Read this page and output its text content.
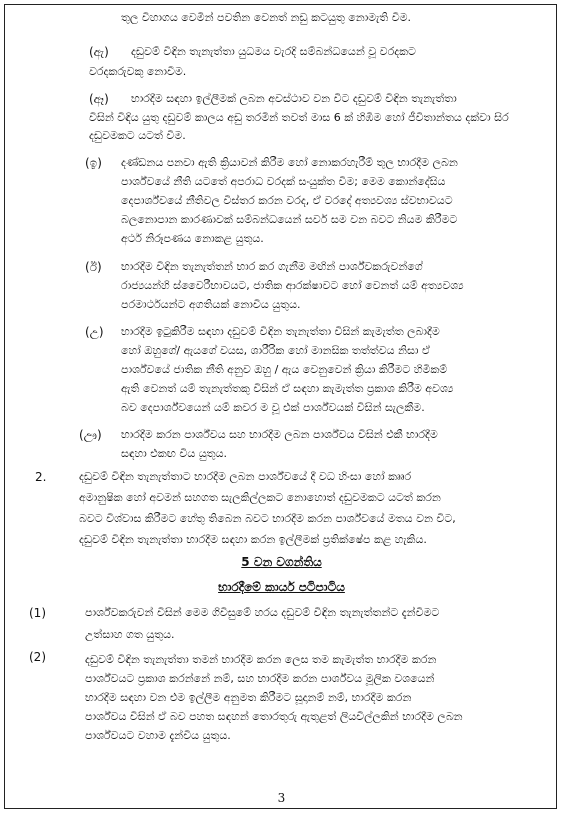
තුල විහාගය වෙමින් පවතින වෙනත් නඩු කටයුතු නොමැති වීම.
(ඇ) දඩුවම් විඳින තැනැත්තා යුධමය වැරදි සම්බන්ධයෙන් වූ වරදකට
වරදකරුවකු නොවීම.
(ඈ) භාරදීම සඳහා ඉල්ලීමක් ලබන අවස්ථාව වන විට දඩුවම් විඳින තැනැත්තා
විසින් විඳිය යුතු දඩුවම් කාලය අඩු තරමින් තවත් මාස 6 ක් හිඹීම හෝ ජීවිතාන්තය දක්වා සිර
දඩුවමකට යටත් වීම.
(ඉ) දණ්ඩනය පනවා ඇති ක්‍රියාවන් කිරීම හෝ නොකරහැරීම් තුල භාරදීම ලබන
පාර්ශ්වයේ නීති යටතේ අපරාධ වරදක් සංයුක්ත වීම; මෙම කොන්දේසිය
දෙපාර්ශ්වයේ නීතිවල විස්තර කරන වරද, ඒ වරදේ අත්‍යවශ්‍ය ස්වභාවයට
බලනොපාන කාරණාවක් සම්බන්ධයෙන් සර්ව සම වන බවට නියම කිරීමට
අර්ථ නිරූපණය නොකළ යුතුය.
(ඊ) භාරදීම විඳින තැනැත්තන් භාර කර ගැනීම මඟින් පාර්ශ්වකරුවන්ගේ
රාජ්‍යයන්හි ස්වෛරීභාවයට, ජාතික ආරක්ෂාවට හෝ වෙනත් යම් අත්‍යවශ්‍ය
පරමාර්ථයන්ට අගතියක් නොවිය යුතුය.
(උ) භාරදීම ඉටුකිරීම සඳහා දඩුවම් විඳින තැනැත්තා විසින් කැමැත්ත ලබාදීම
හෝ ඔහුගේ/ ඇයගේ වයස, ශාරීරික හෝ මානසික තත්ත්වය නිසා ඒ
පාර්ශ්වයේ ජාතික නීති අනුව ඔහු / ඇය වෙනුවෙන් ක්‍රියා කිරීමට හිමිකම්
ඇති වෙනත් යම් තැනැත්තකු විසින් ඒ සඳහා කැමැත්ත ප්‍රකාශ කිරීම අවශ්‍ය
බව දෙපාර්ශ්වයෙන් යම් කවර ම වූ එක් පාර්ශ්වයක් විසින් සැලකීම.
(ඌ) භාරදීම කරන පාර්ශ්වය සහ භාරදීම ලබන පාර්ශ්වය විසින් එකී භාරදීම
සඳහා එකඟ විය යුතුය.
2.	දඩුවම් විඳින තැනැත්තාට භාරදීම ලබන පාර්ශ්වයේ දී වධ හිංසා හෝ කෲර
අමානුෂික හෝ අවමන් සහගත සැලකිල්ලකට නොහොත් දඩුවමකට යටත් කරන
බවට විශ්වාස කිරීමට හේතු තිබෙන බවට භාරදීම කරන පාර්ශ්වයේ මතය වන විට,
දඩුවම් විඳින තැනැත්තා භාරදීම සඳහා කරන ඉල්ලීමක් ප්‍රතික්ෂේප කළ හැකිය.
5 වන වගන්තිය
භාරදීමේ කාර්ය පටිපාටිය
(1)	පාර්ශ්වකරුවන් විසින් මෙම ගිවිසුමේ හරය දඩුවම් විඳින තැනැත්තන්ට දැන්වීමට
උත්සාහ ගත යුතුය.
(2)	දඩුවම් විඳින තැනැත්තා තමන් භාරදීම කරන ලෙස තම කැමැත්ත භාරදීම කරන
පාර්ශ්වයට ප්‍රකාශ කරන්නේ නම්, සහ භාරදීම කරන පාර්ශ්වය මූලික වශයෙන්
භාරදීම සඳහා වන එම ඉල්ලීම අනුමත කිරීමට සූදානම් නම්, භාරදීම කරන
පාර්ශ්වය විසින් ඒ බව පහත සඳහන් තොරතුරු ඇතුළත් ලියවිල්ලකින් භාරදීම ලබන
පාර්ශ්වයට වහාම දැන්විය යුතුය.
3
